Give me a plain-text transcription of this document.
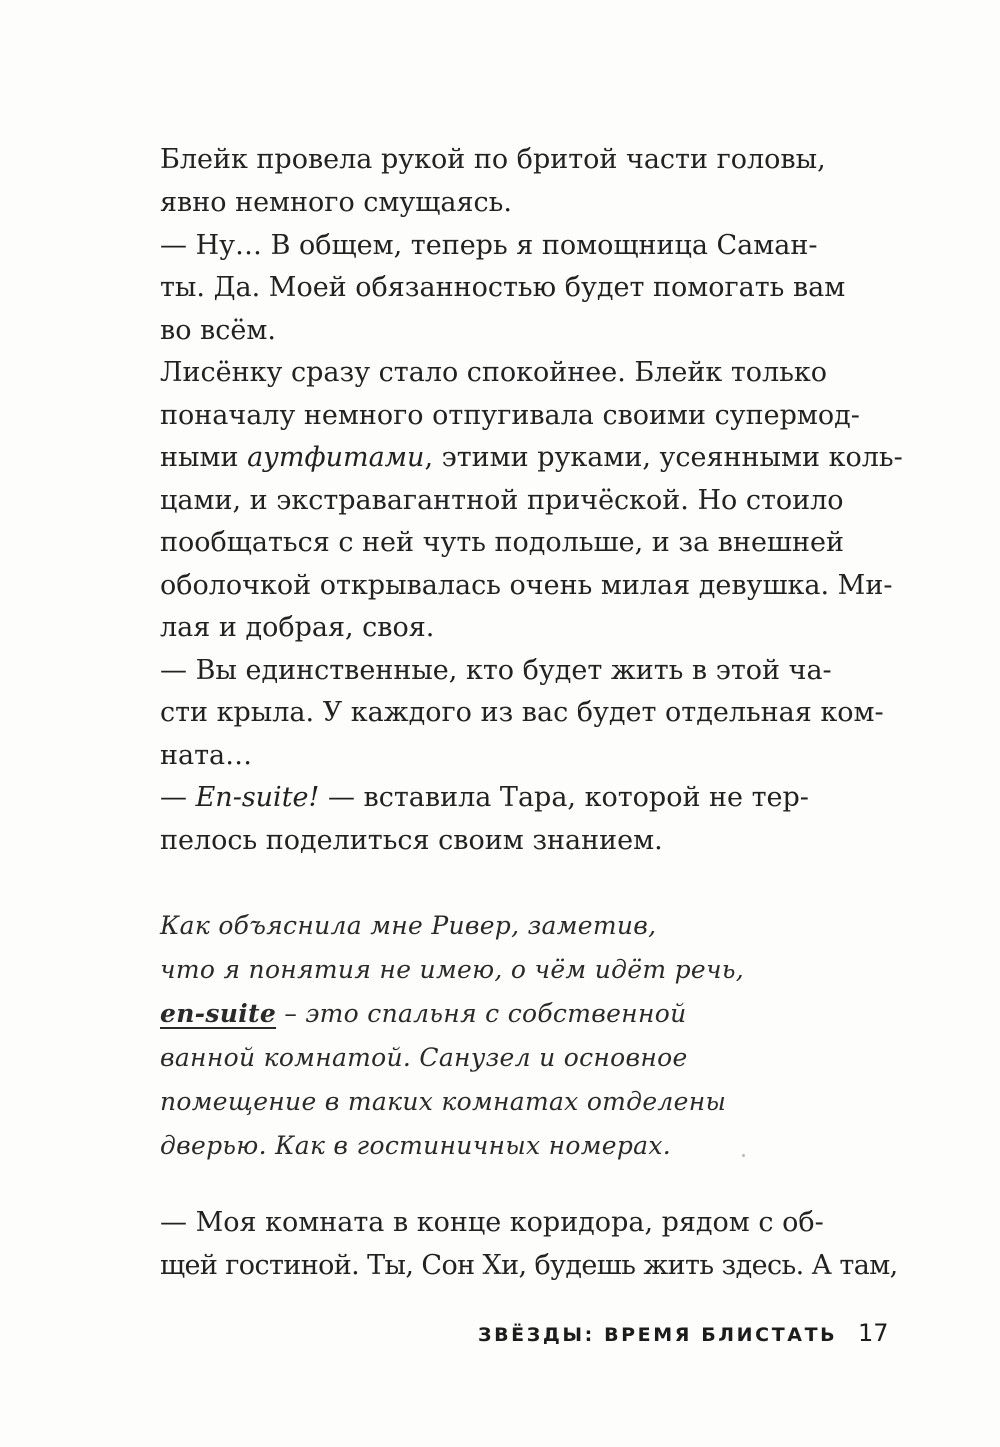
Блейк провела рукой по бритой части головы,

явно немного смущаясь.

— Ну… В общем, теперь я помощница Саман-

ты. Да. Моей обязанностью будет помогать вам

во всём.

Лисёнку сразу стало спокойнее. Блейк только

поначалу немного отпугивала своими супермод-

ными аутфитами, этими руками, усеянными коль-

цами, и экстравагантной причёской. Но стоило

пообщаться с ней чуть подольше, и за внешней

оболочкой открывалась очень милая девушка. Ми-

лая и добрая, своя.

— Вы единственные, кто будет жить в этой ча-

сти крыла. У каждого из вас будет отдельная ком-

ната…

— En-suite! — вставила Тара, которой не тер-

пелось поделиться своим знанием.

Как объяснила мне Ривер, заметив,

что я понятия не имею, о чём идёт речь,

en-suite – это спальня с собственной

ванной комнатой. Санузел и основное

помещение в таких комнатах отделены

дверью. Как в гостиничных номерах.

— Моя комната в конце коридора, рядом с об-

щей гостиной. Ты, Сон Хи, будешь жить здесь. А там,

ЗВЁЗДЫ: ВРЕМЯ БЛИСТАТЬ 17
